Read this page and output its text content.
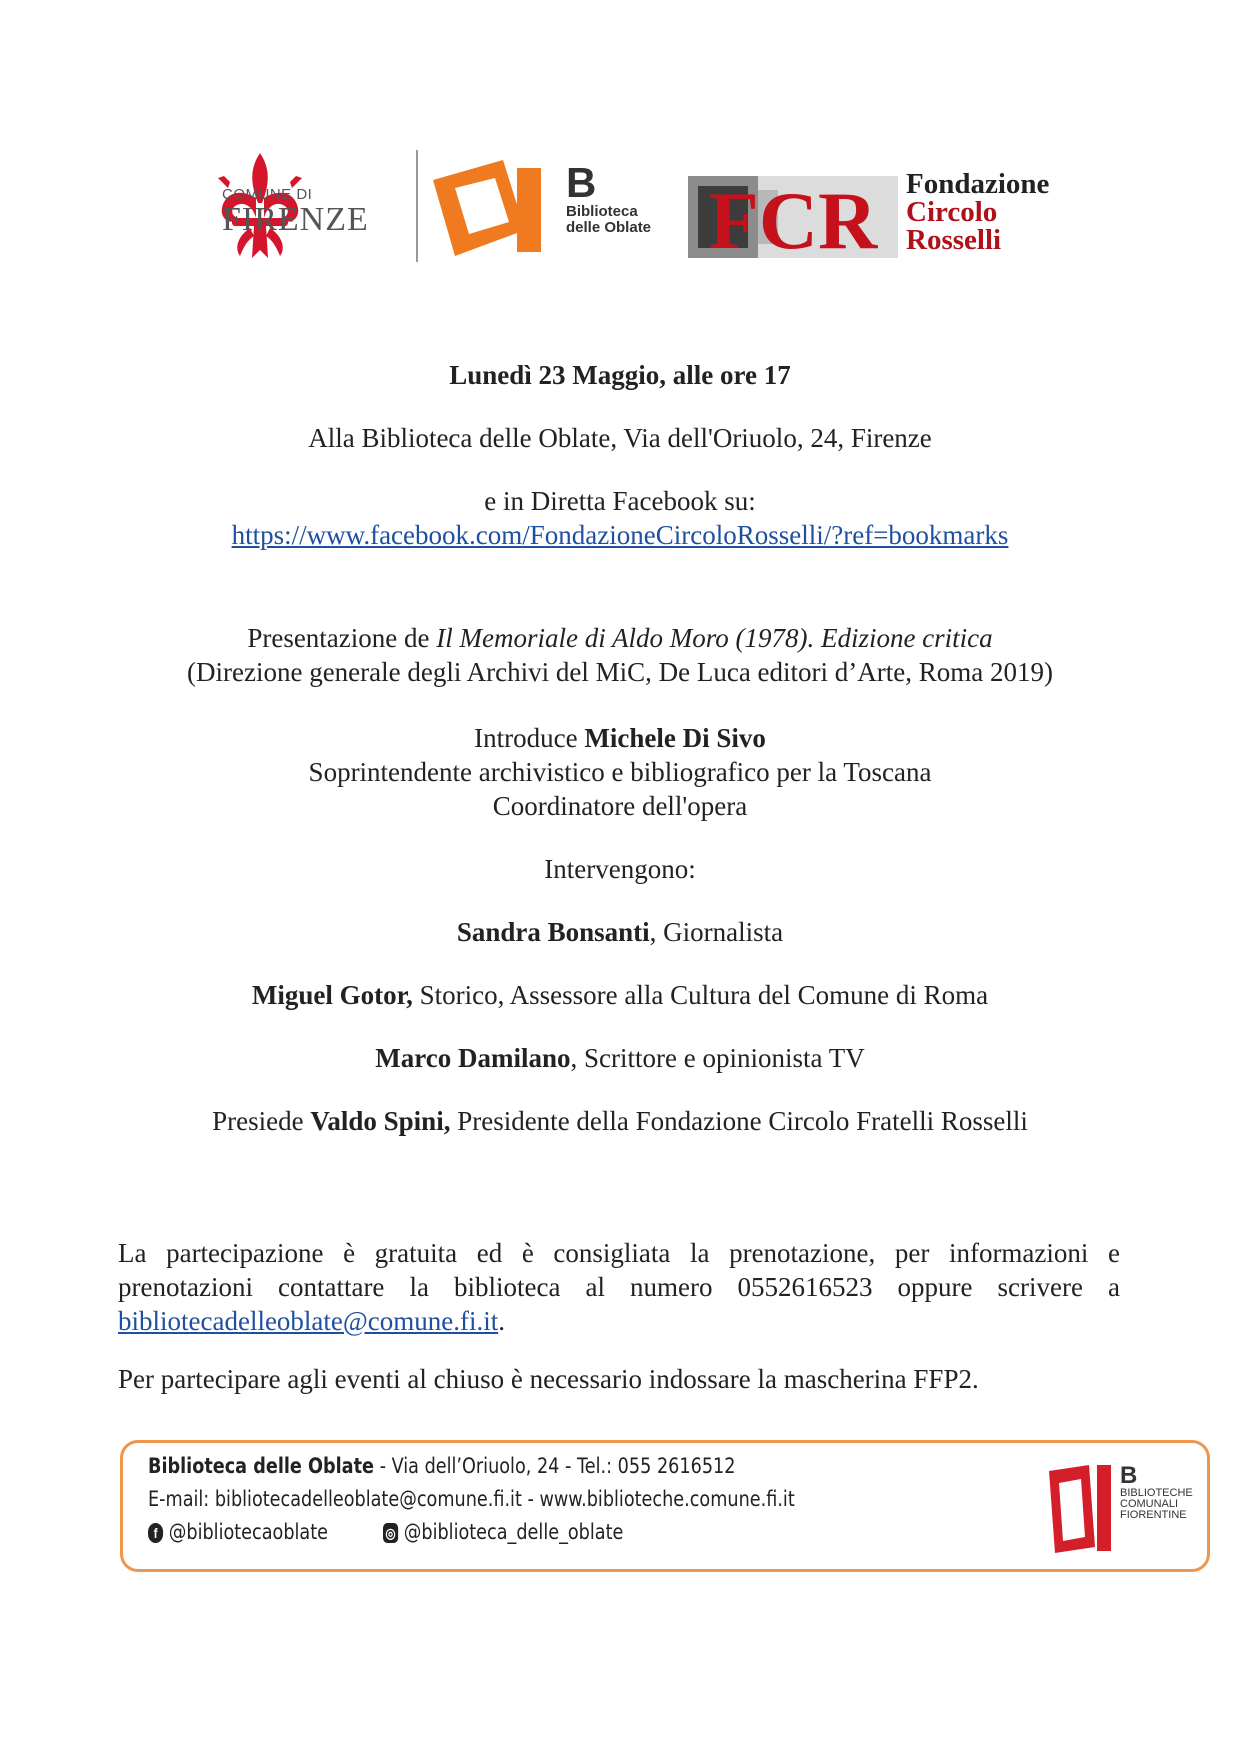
COMUNE DI
FIRENZE
B
Biblioteca
delle Oblate FCR Fondazione
Circolo
Rosselli
Lunedì 23 Maggio, alle ore 17
Alla Biblioteca delle Oblate, Via dell'Oriuolo, 24, Firenze
e in Diretta Facebook su:
https://www.facebook.com/FondazioneCircoloRosselli/?ref=bookmarks
Presentazione de Il Memoriale di Aldo Moro (1978). Edizione critica
(Direzione generale degli Archivi del MiC, De Luca editori d’Arte, Roma 2019)
Introduce Michele Di Sivo
Soprintendente archivistico e bibliografico per la Toscana
Coordinatore dell'opera
Intervengono:
Sandra Bonsanti, Giornalista
Miguel Gotor, Storico, Assessore alla Cultura del Comune di Roma
Marco Damilano, Scrittore e opinionista TV
Presiede Valdo Spini, Presidente della Fondazione Circolo Fratelli Rosselli
La partecipazione è gratuita ed è consigliata la prenotazione, per informazioni e prenotazioni contattare la biblioteca al numero 0552616523 oppure scrivere a bibliotecadelleoblate@comune.fi.it.
Per partecipare agli eventi al chiuso è necessario indossare la mascherina FFP2.
Biblioteca delle Oblate - Via dell’Oriuolo, 24 - Tel.: 055 2616512
E-mail: bibliotecadelleoblate@comune.fi.it - www.biblioteche.comune.fi.it
f @bibliotecaoblate	◎ @biblioteca_delle_oblate
B
BIBLIOTECHE
COMUNALI
FIORENTINE
